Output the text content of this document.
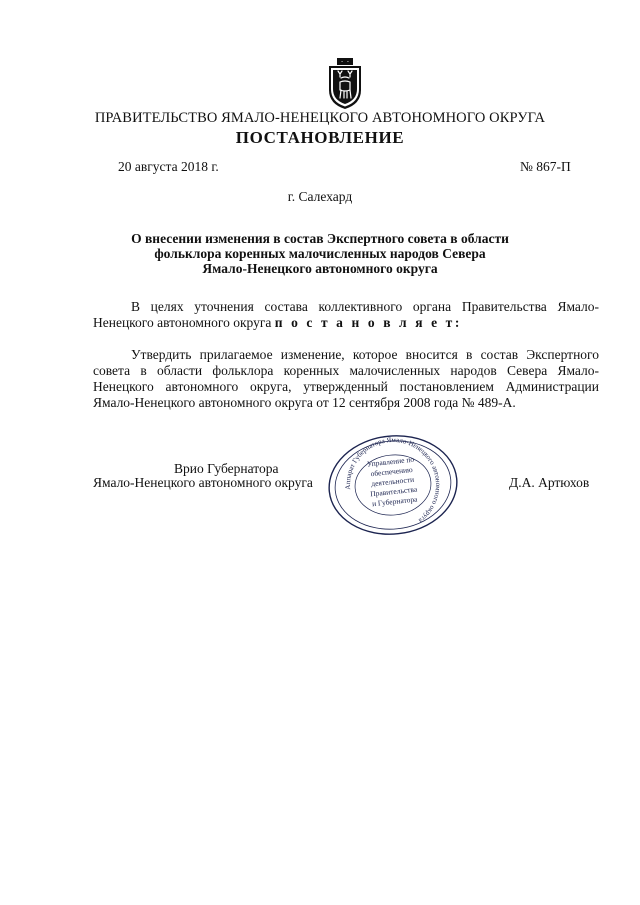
ПРАВИТЕЛЬСТВО ЯМАЛО-НЕНЕЦКОГО АВТОНОМНОГО ОКРУГА
ПОСТАНОВЛЕНИЕ
20 августа 2018 г.	№ 867-П
г. Салехард
О внесении изменения в состав Экспертного совета в области
фольклора коренных малочисленных народов Севера
Ямало-Ненецкого автономного округа
В целях уточнения состава коллективного органа Правительства Ямало-Ненецкого автономного округа п о с т а н о в л я е т:
Утвердить прилагаемое изменение, которое вносится в состав Экспертного совета в области фольклора коренных малочисленных народов Севера Ямало-Ненецкого автономного округа, утвержденный постановлением Администрации Ямало-Ненецкого автономного округа от 12 сентября 2008 года № 489-А.
Врио Губернатора
Ямало-Ненецкого автономного округа	Д.А. Артюхов
Аппарат Губернатора Ямало-Ненецкого автономного округа
Управление по
обеспечению
деятельности
Правительства
и Губернатора
